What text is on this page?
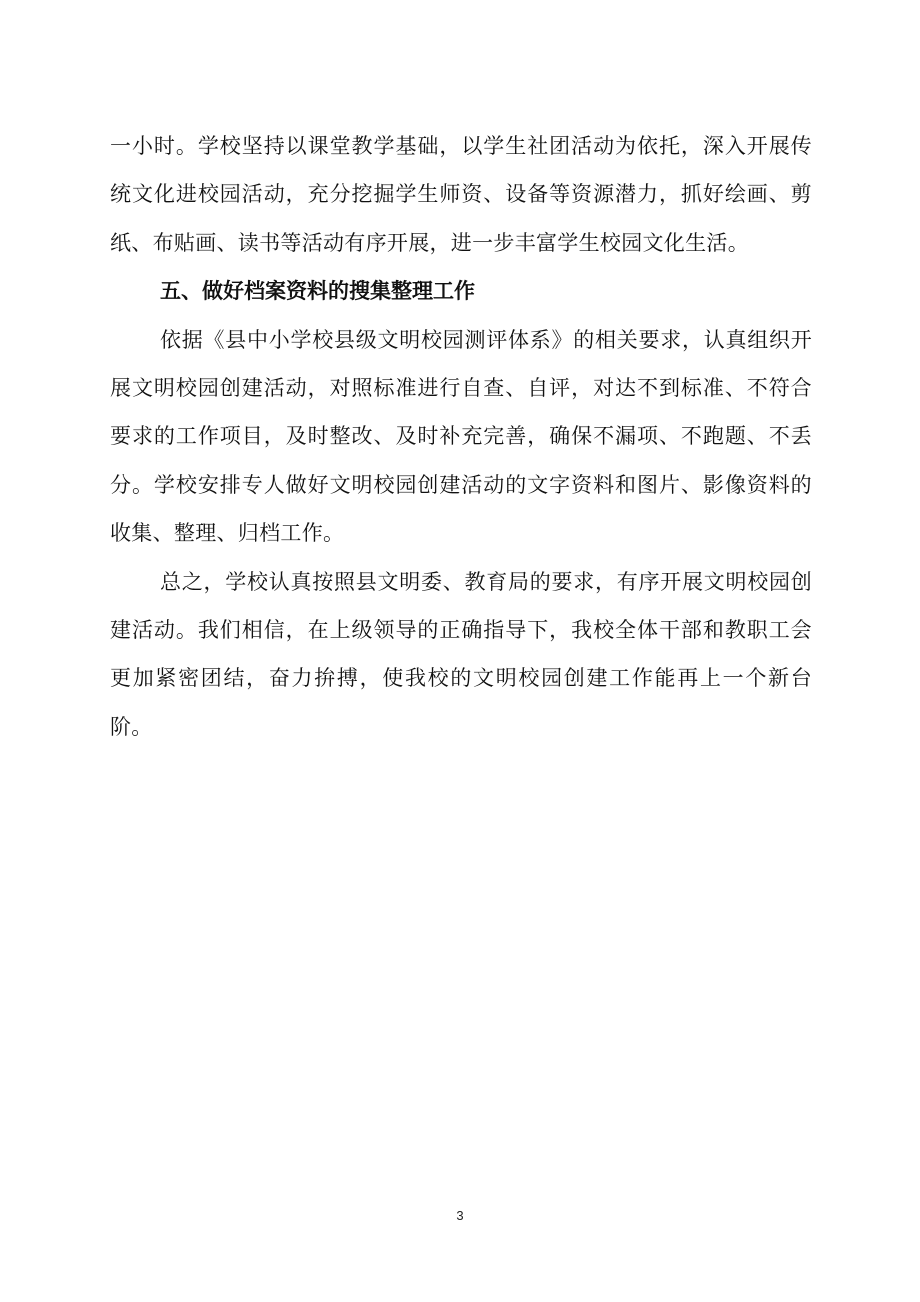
一小时。学校坚持以课堂教学基础，以学生社团活动为依托，深入开展传统文化进校园活动，充分挖掘学生师资、设备等资源潜力，抓好绘画、剪纸、布贴画、读书等活动有序开展，进一步丰富学生校园文化生活。

五、做好档案资料的搜集整理工作

依据《县中小学校县级文明校园测评体系》的相关要求，认真组织开展文明校园创建活动，对照标准进行自查、自评，对达不到标准、不符合要求的工作项目，及时整改、及时补充完善，确保不漏项、不跑题、不丢分。学校安排专人做好文明校园创建活动的文字资料和图片、影像资料的收集、整理、归档工作。

总之，学校认真按照县文明委、教育局的要求，有序开展文明校园创建活动。我们相信，在上级领导的正确指导下，我校全体干部和教职工会更加紧密团结，奋力拚搏，使我校的文明校园创建工作能再上一个新台阶。

3
